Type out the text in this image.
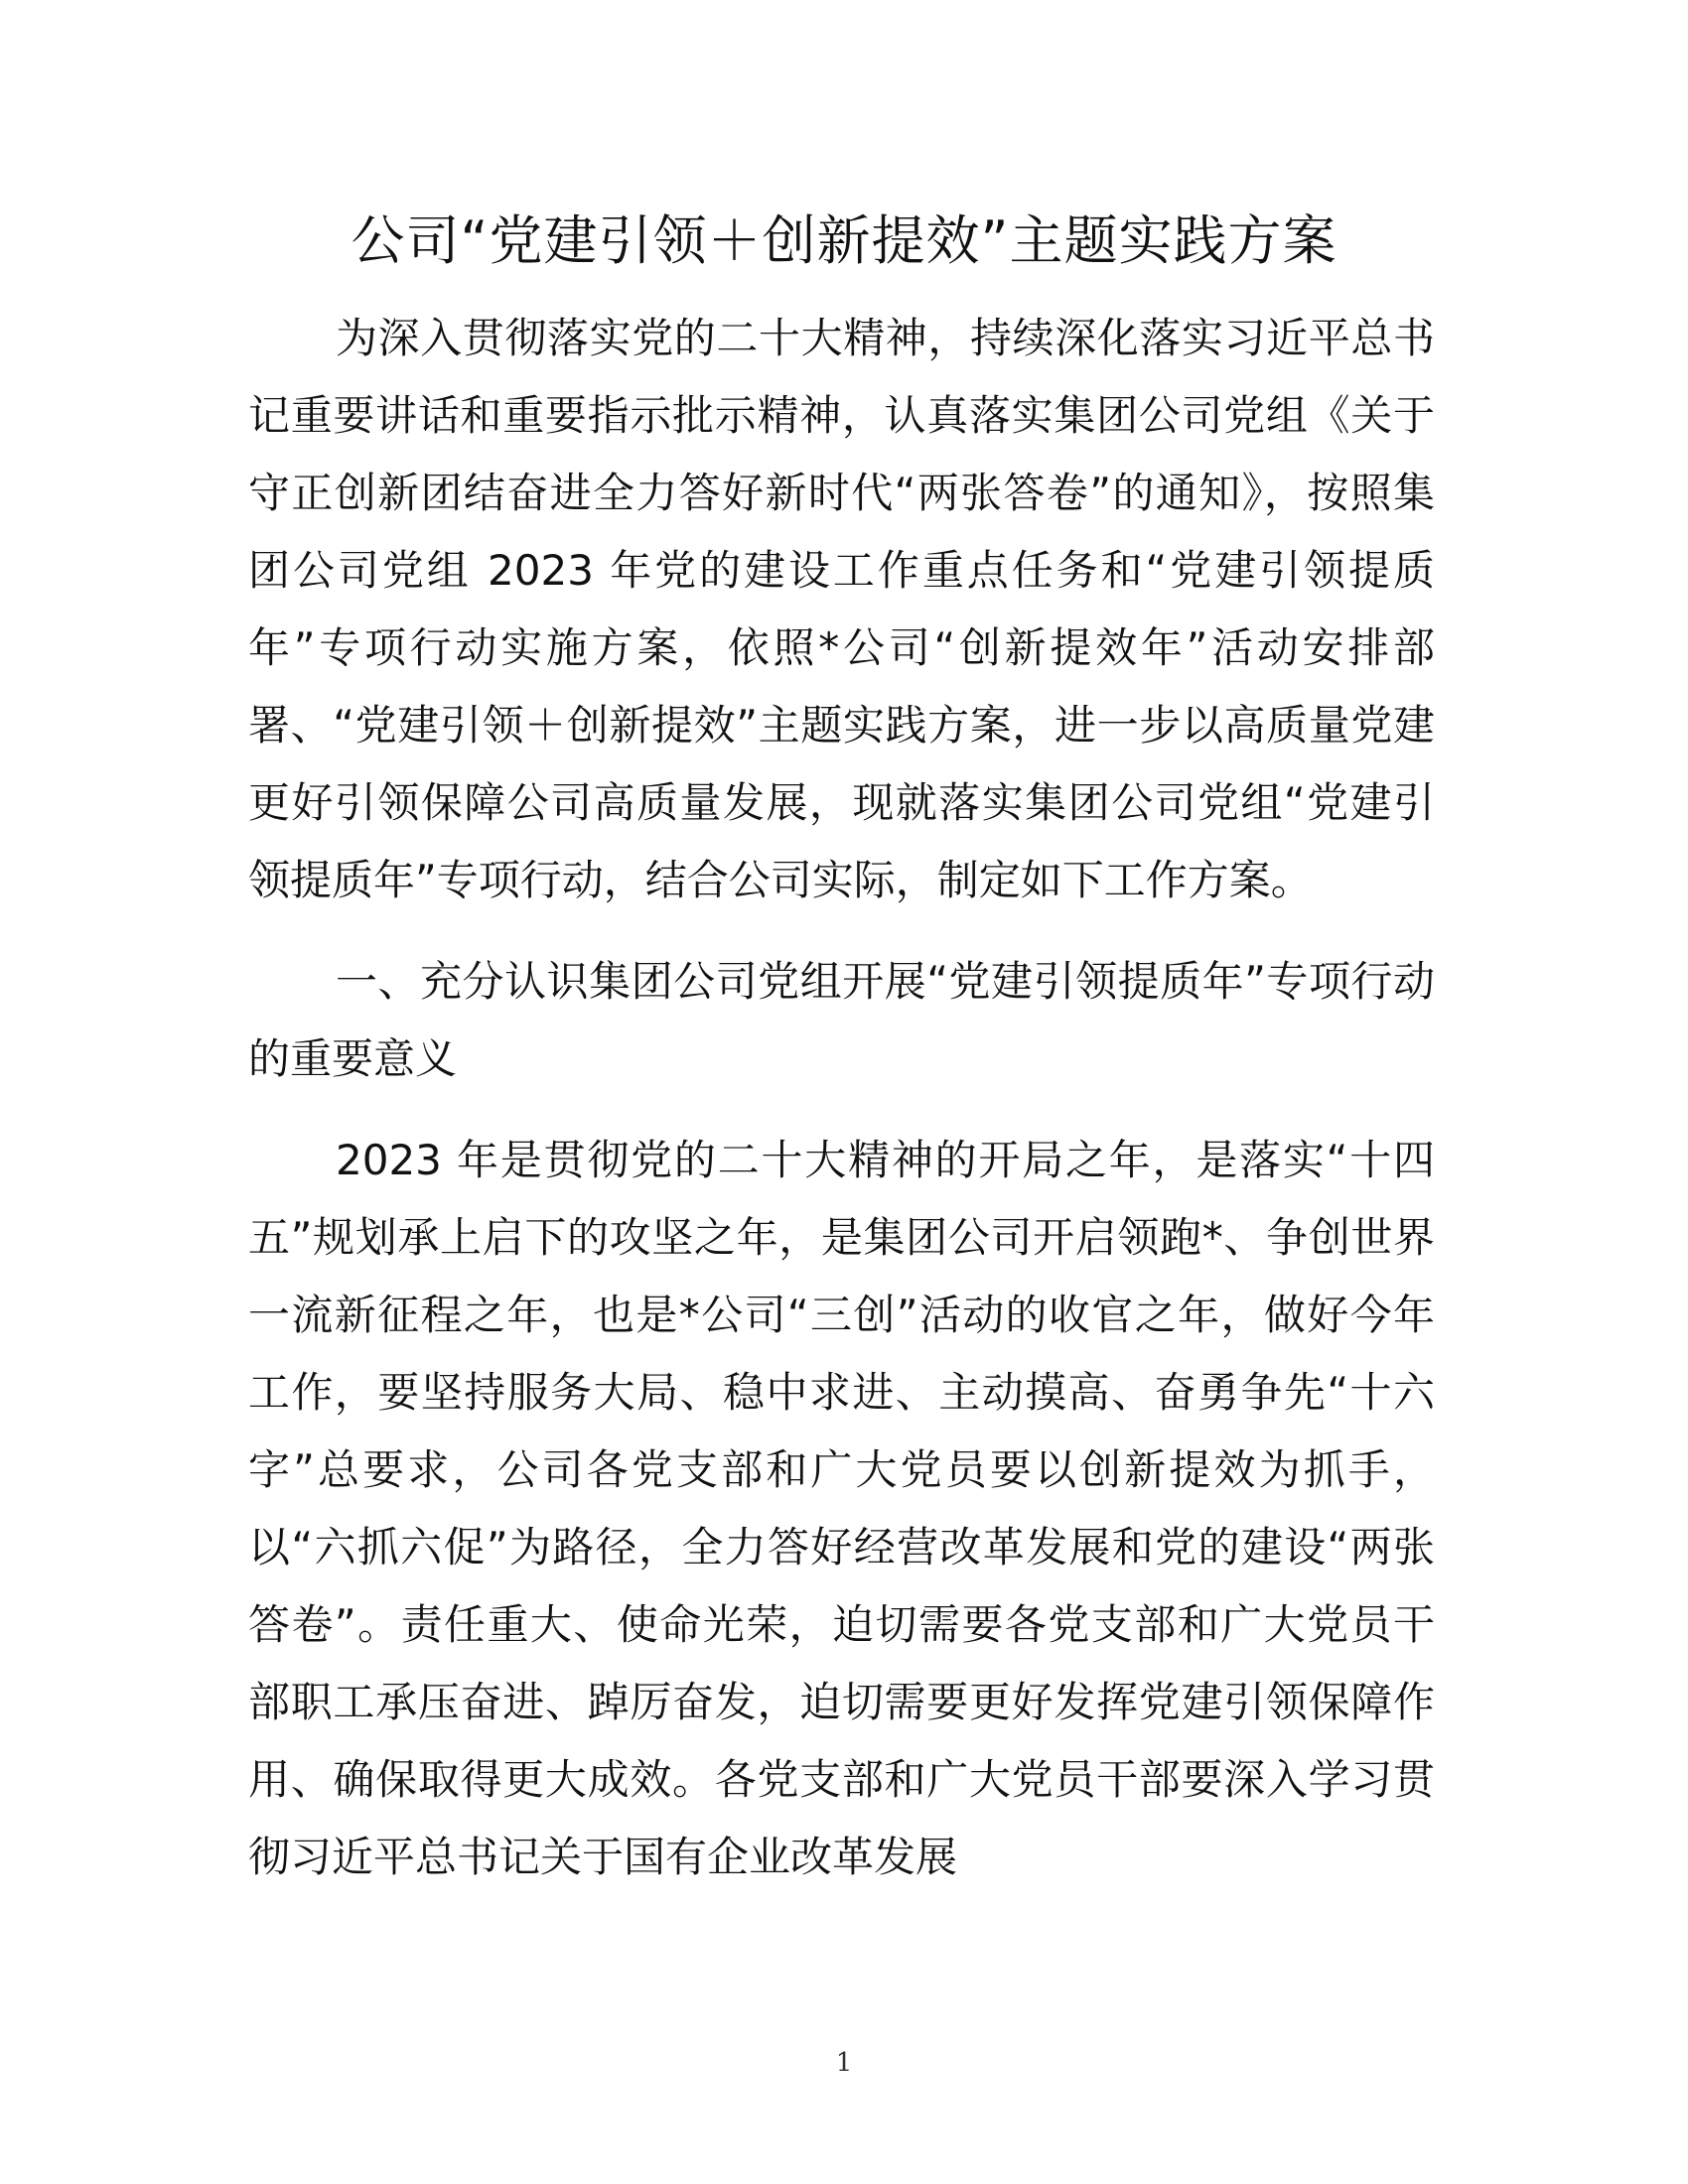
公司“党建引领＋创新提效”主题实践方案

为深入贯彻落实党的二十大精神，持续深化落实习近平总书记重要讲话和重要指示批示精神，认真落实集团公司党组《关于守正创新团结奋进全力答好新时代“两张答卷”的通知》，按照集团公司党组 2023 年党的建设工作重点任务和“党建引领提质年”专项行动实施方案，依照*公司“创新提效年”活动安排部署、“党建引领＋创新提效”主题实践方案，进一步以高质量党建更好引领保障公司高质量发展，现就落实集团公司党组“党建引领提质年”专项行动，结合公司实际，制定如下工作方案。

一、充分认识集团公司党组开展“党建引领提质年”专项行动的重要意义

2023 年是贯彻党的二十大精神的开局之年，是落实“十四五”规划承上启下的攻坚之年，是集团公司开启领跑*、争创世界一流新征程之年，也是*公司“三创”活动的收官之年，做好今年工作，要坚持服务大局、稳中求进、主动摸高、奋勇争先“十六字”总要求，公司各党支部和广大党员要以创新提效为抓手，以“六抓六促”为路径，全力答好经营改革发展和党的建设“两张答卷”。责任重大、使命光荣，迫切需要各党支部和广大党员干部职工承压奋进、踔厉奋发，迫切需要更好发挥党建引领保障作用、确保取得更大成效。各党支部和广大党员干部要深入学习贯彻习近平总书记关于国有企业改革发展

1
